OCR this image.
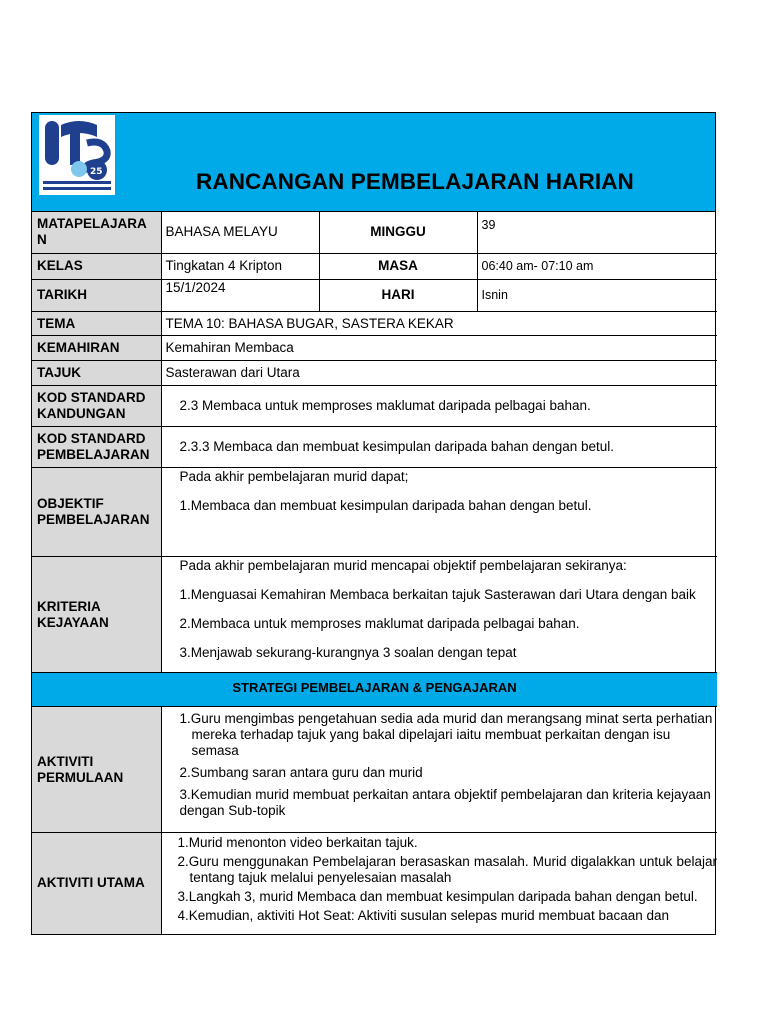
25	RANCANGAN PEMBELAJARAN HARIAN
MATAPELAJARA N	BAHASA MELAYU	MINGGU	39
KELAS	Tingkatan 4 Kripton	MASA	06:40 am- 07:10 am
TARIKH	15/1/2024	HARI	Isnin
TEMA	TEMA 10: BAHASA BUGAR, SASTERA KEKAR
KEMAHIRAN	Kemahiran Membaca
TAJUK	Sasterawan dari Utara
KOD STANDARD KANDUNGAN	2.3 Membaca untuk memproses maklumat daripada pelbagai bahan.
KOD STANDARD PEMBELAJARAN	2.3.3 Membaca dan membuat kesimpulan daripada bahan dengan betul.
OBJEKTIF PEMBELAJARAN	Pada akhir pembelajaran murid dapat;

1.Membaca dan membuat kesimpulan daripada bahan dengan betul.

KRITERIA KEJAYAAN	Pada akhir pembelajaran murid mencapai objektif pembelajaran sekiranya:

1.Menguasai Kemahiran Membaca berkaitan tajuk Sasterawan dari Utara dengan baik

2.Membaca untuk memproses maklumat daripada pelbagai bahan.

3.Menjawab sekurang-kurangnya 3 soalan dengan tepat

STRATEGI PEMBELAJARAN & PENGAJARAN	
AKTIVITI PERMULAAN	1.Guru mengimbas pengetahuan sedia ada murid dan merangsang minat serta perhatian mereka terhadap tajuk yang bakal dipelajari iaitu membuat perkaitan dengan isu semasa

2.Sumbang saran antara guru dan murid

3.Kemudian murid membuat perkaitan antara objektif pembelajaran dan kriteria kejayaan dengan Sub-topik

AKTIVITI UTAMA	1.Murid menonton video berkaitan tajuk.

2.Guru menggunakan Pembelajaran berasaskan masalah. Murid digalakkan untuk belajar tentang tajuk melalui penyelesaian masalah

3.Langkah 3, murid Membaca dan membuat kesimpulan daripada bahan dengan betul.

4.Kemudian, aktiviti Hot Seat: Aktiviti susulan selepas murid membuat bacaan dan
